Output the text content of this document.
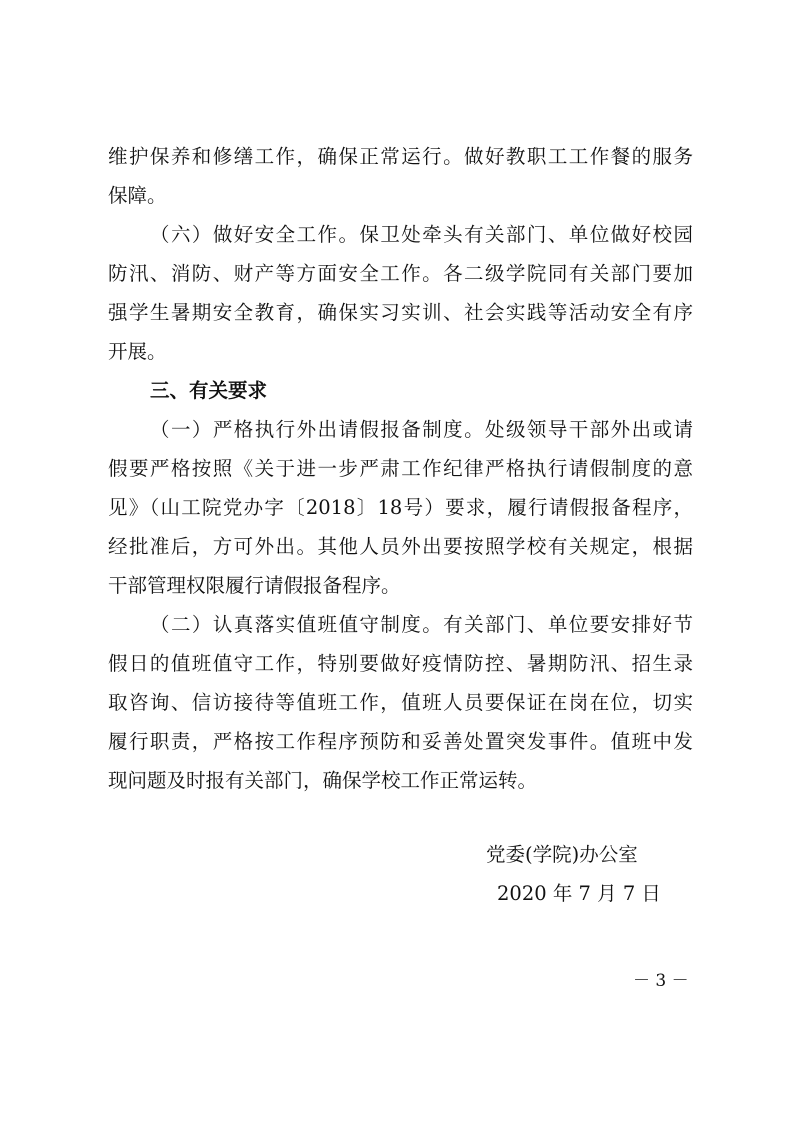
维护保养和修缮工作，确保正常运行。做好教职工工作餐的服务
保障。
（六）做好安全工作。保卫处牵头有关部门、单位做好校园
防汛、消防、财产等方面安全工作。各二级学院同有关部门要加
强学生暑期安全教育，确保实习实训、社会实践等活动安全有序
开展。
三、有关要求
（一）严格执行外出请假报备制度。处级领导干部外出或请
假要严格按照《关于进一步严肃工作纪律严格执行请假制度的意
见》（山工院党办字〔2018〕18号）要求，履行请假报备程序，
经批准后，方可外出。其他人员外出要按照学校有关规定，根据
干部管理权限履行请假报备程序。
（二）认真落实值班值守制度。有关部门、单位要安排好节
假日的值班值守工作，特别要做好疫情防控、暑期防汛、招生录
取咨询、信访接待等值班工作，值班人员要保证在岗在位，切实
履行职责，严格按工作程序预防和妥善处置突发事件。值班中发
现问题及时报有关部门，确保学校工作正常运转。
党委(学院)办公室
2020 年 7 月 7 日
－ 3 －
